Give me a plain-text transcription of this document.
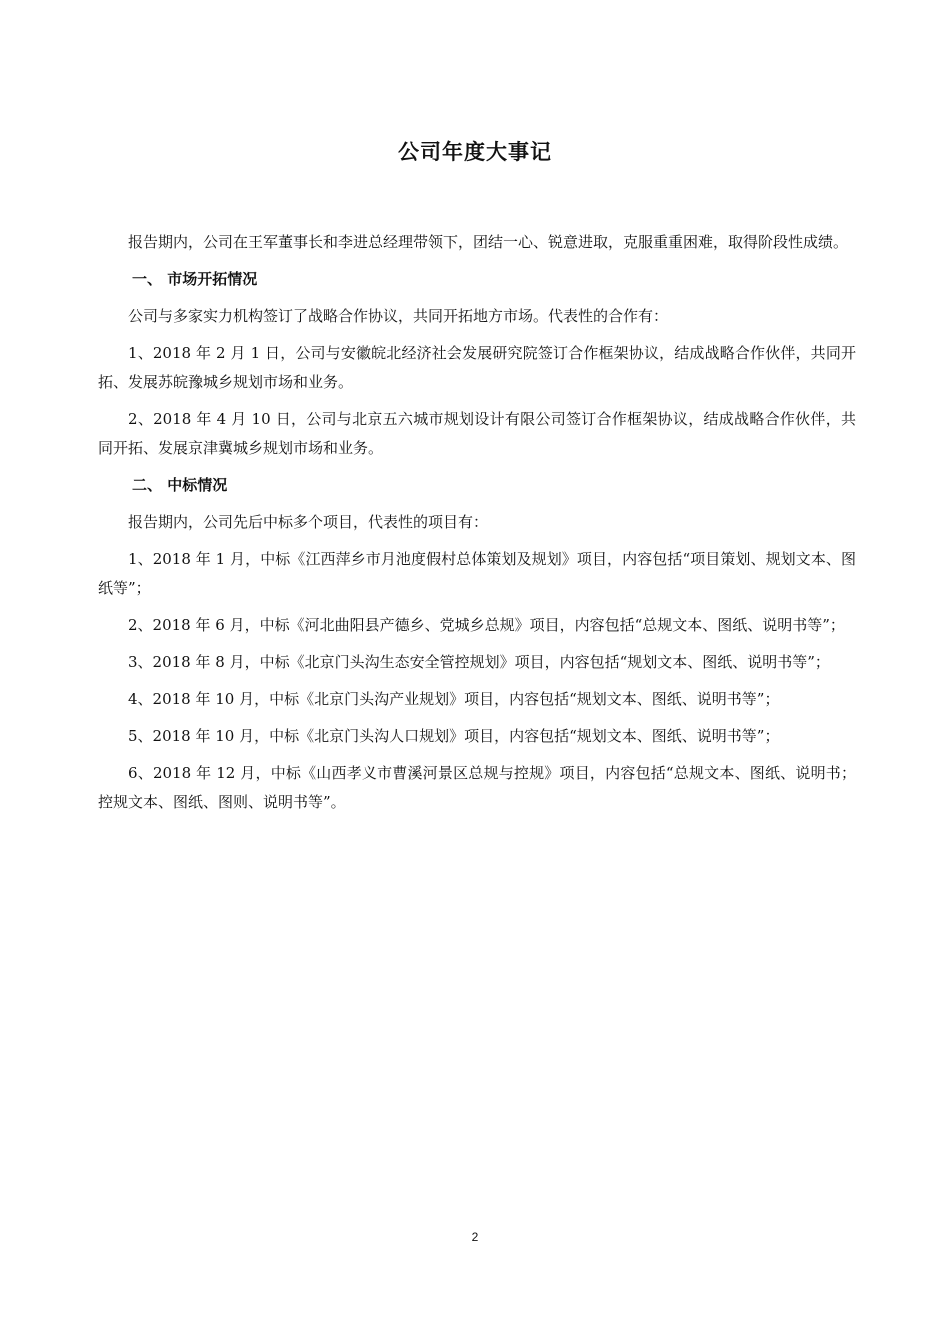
公司年度大事记

报告期内，公司在王军董事长和李进总经理带领下，团结一心、锐意进取，克服重重困难，取得阶段性成绩。

一、 市场开拓情况

公司与多家实力机构签订了战略合作协议，共同开拓地方市场。代表性的合作有：

1、2018 年 2 月 1 日，公司与安徽皖北经济社会发展研究院签订合作框架协议，结成战略合作伙伴，共同开拓、发展苏皖豫城乡规划市场和业务。

2、2018 年 4 月 10 日，公司与北京五六城市规划设计有限公司签订合作框架协议，结成战略合作伙伴，共同开拓、发展京津冀城乡规划市场和业务。

二、 中标情况

报告期内，公司先后中标多个项目，代表性的项目有：

1、2018 年 1 月，中标《江西萍乡市月池度假村总体策划及规划》项目，内容包括“项目策划、规划文本、图纸等”；

2、2018 年 6 月，中标《河北曲阳县产德乡、党城乡总规》项目，内容包括“总规文本、图纸、说明书等”；

3、2018 年 8 月，中标《北京门头沟生态安全管控规划》项目，内容包括“规划文本、图纸、说明书等”；

4、2018 年 10 月，中标《北京门头沟产业规划》项目，内容包括“规划文本、图纸、说明书等”；

5、2018 年 10 月，中标《北京门头沟人口规划》项目，内容包括“规划文本、图纸、说明书等”；

6、2018 年 12 月，中标《山西孝义市曹溪河景区总规与控规》项目，内容包括“总规文本、图纸、说明书；控规文本、图纸、图则、说明书等”。

2
